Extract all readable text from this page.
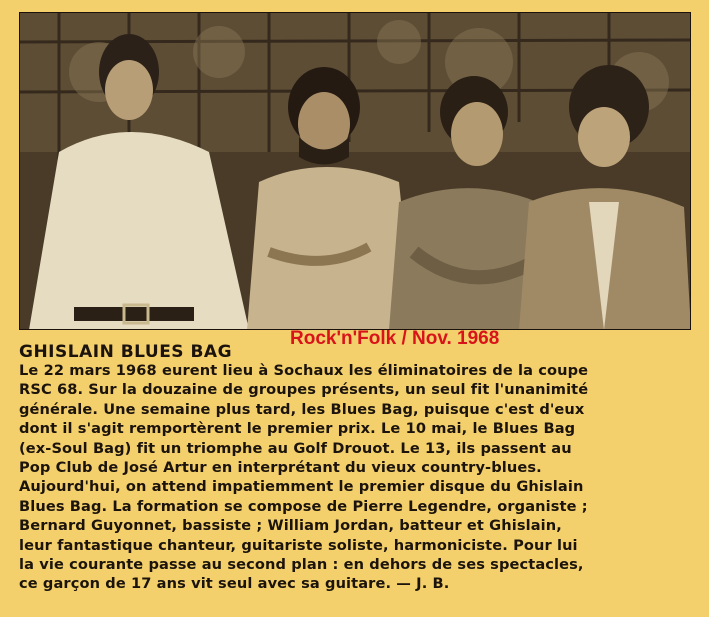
Rock'n'Folk / Nov. 1968
GHISLAIN BLUES BAG
Le 22 mars 1968 eurent lieu à Sochaux les éliminatoires de la coupe
RSC 68. Sur la douzaine de groupes présents, un seul fit l'unanimité
générale. Une semaine plus tard, les Blues Bag, puisque c'est d'eux
dont il s'agit remportèrent le premier prix. Le 10 mai, le Blues Bag
(ex-Soul Bag) fit un triomphe au Golf Drouot. Le 13, ils passent au
Pop Club de José Artur en interprétant du vieux country-blues.
Aujourd'hui, on attend impatiemment le premier disque du Ghislain
Blues Bag. La formation se compose de Pierre Legendre, organiste ;
Bernard Guyonnet, bassiste ; William Jordan, batteur et Ghislain,
leur fantastique chanteur, guitariste soliste, harmoniciste. Pour lui
la vie courante passe au second plan : en dehors de ses spectacles,
ce garçon de 17 ans vit seul avec sa guitare. — J. B.
